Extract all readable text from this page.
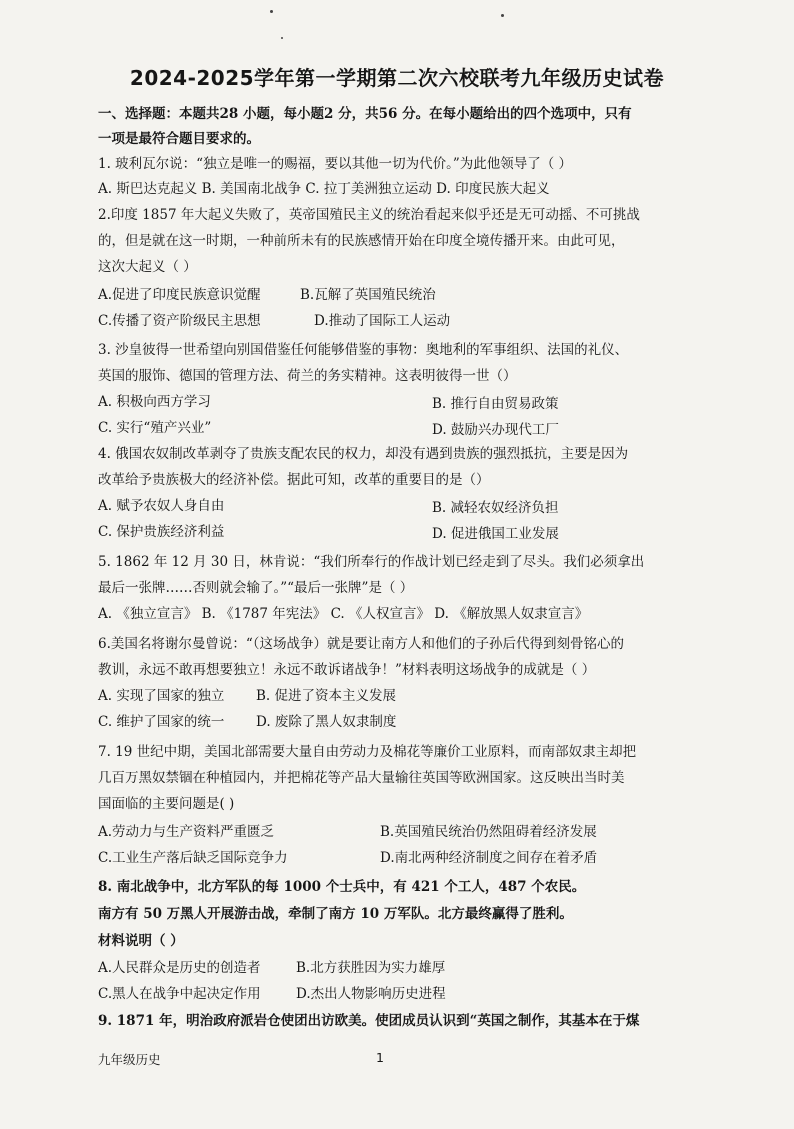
2024-2025学年第一学期第二次六校联考九年级历史试卷
一、选择题：本题共28 小题，每小题2 分，共56 分。在每小题给出的四个选项中，只有
一项是最符合题目要求的。
1. 玻利瓦尔说：“独立是唯一的赐福，要以其他一切为代价。”为此他领导了（ ）
A. 斯巴达克起义 B. 美国南北战争 C. 拉丁美洲独立运动 D. 印度民族大起义
2.印度 1857 年大起义失败了，英帝国殖民主义的统治看起来似乎还是无可动摇、不可挑战
的，但是就在这一时期，一种前所未有的民族感情开始在印度全境传播开来。由此可见，
这次大起义（ ）
A.促进了印度民族意识觉醒	B.瓦解了英国殖民统治
C.传播了资产阶级民主思想	D.推动了国际工人运动
3. 沙皇彼得一世希望向别国借鉴任何能够借鉴的事物：奥地利的军事组织、法国的礼仪、
英国的服饰、德国的管理方法、荷兰的务实精神。这表明彼得一世（）
A. 积极向西方学习	B. 推行自由贸易政策
C. 实行“殖产兴业”	D. 鼓励兴办现代工厂
4. 俄国农奴制改革剥夺了贵族支配农民的权力，却没有遇到贵族的强烈抵抗，主要是因为
改革给予贵族极大的经济补偿。据此可知，改革的重要目的是（）
A. 赋予农奴人身自由	B. 减轻农奴经济负担
C. 保护贵族经济利益	D. 促进俄国工业发展
5. 1862 年 12 月 30 日，林肯说：“我们所奉行的作战计划已经走到了尽头。我们必须拿出
最后一张牌……否则就会输了。”“最后一张牌”是（ ）
A. 《独立宣言》 B. 《1787 年宪法》 C. 《人权宣言》 D. 《解放黑人奴隶宣言》
6.美国名将谢尔曼曾说：“（这场战争）就是要让南方人和他们的子孙后代得到刻骨铭心的
教训，永远不敢再想要独立！永远不敢诉诸战争！”材料表明这场战争的成就是（ ）
A. 实现了国家的独立 B. 促进了资本主义发展
C. 维护了国家的统一 D. 废除了黑人奴隶制度
7. 19 世纪中期，美国北部需要大量自由劳动力及棉花等廉价工业原料，而南部奴隶主却把
几百万黑奴禁锢在种植园内，并把棉花等产品大量输往英国等欧洲国家。这反映出当时美
国面临的主要问题是( )
A.劳动力与生产资料严重匮乏	B.英国殖民统治仍然阻碍着经济发展
C.工业生产落后缺乏国际竞争力	D.南北两种经济制度之间存在着矛盾
8. 南北战争中，北方军队的每 1000 个士兵中，有 421 个工人，487 个农民。
南方有 50 万黑人开展游击战，牵制了南方 10 万军队。北方最终赢得了胜利。
材料说明（ ）
A.人民群众是历史的创造者	B.北方获胜因为实力雄厚
C.黑人在战争中起决定作用	D.杰出人物影响历史进程
9. 1871 年，明治政府派岩仓使团出访欧美。使团成员认识到“英国之制作，其基本在于煤
九年级历史	1
